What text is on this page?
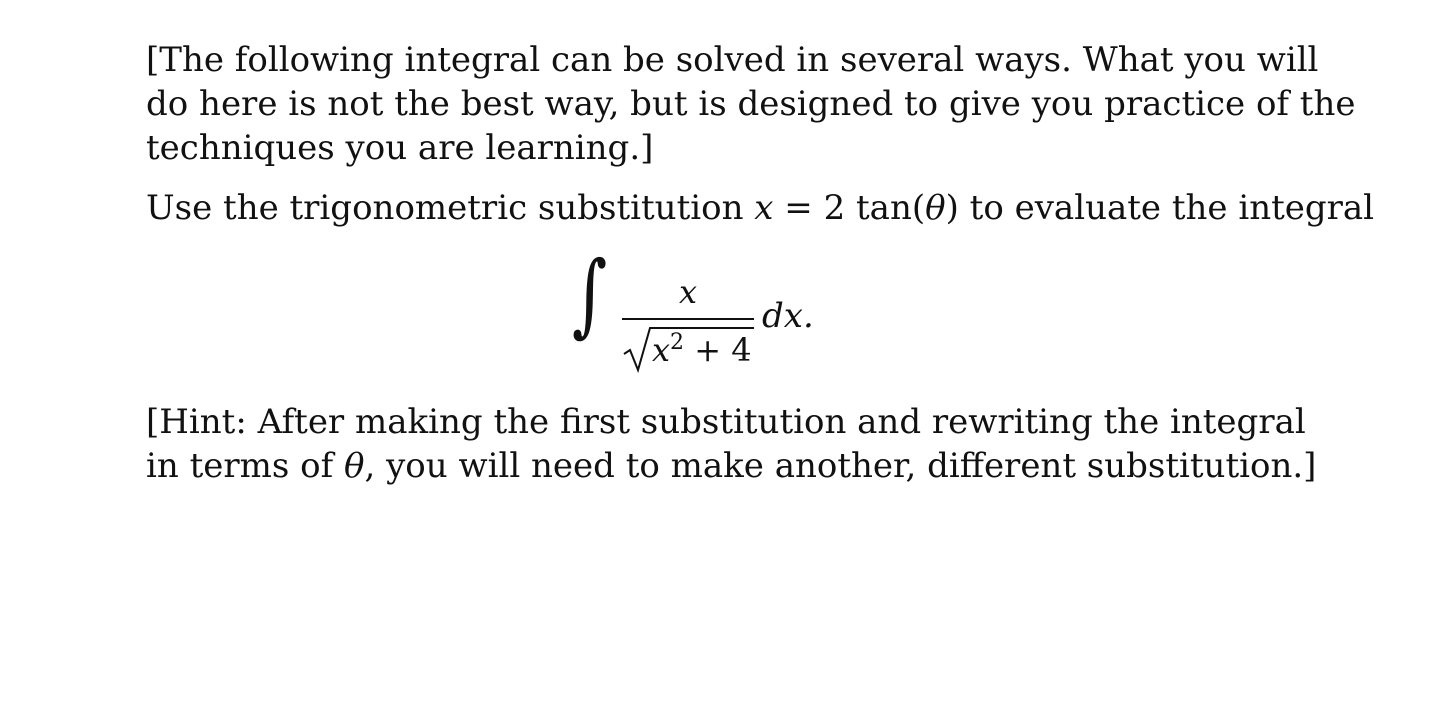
[The following integral can be solved in several ways. What you will
do here is not the best way, but is designed to give you practice of the
techniques you are learning.]

Use the trigonometric substitution x = 2 tan(θ) to evaluate the integral

∫	x
$x^2 + 4$
dx.

[Hint: After making the first substitution and rewriting the integral
in terms of θ, you will need to make another, different substitution.]
